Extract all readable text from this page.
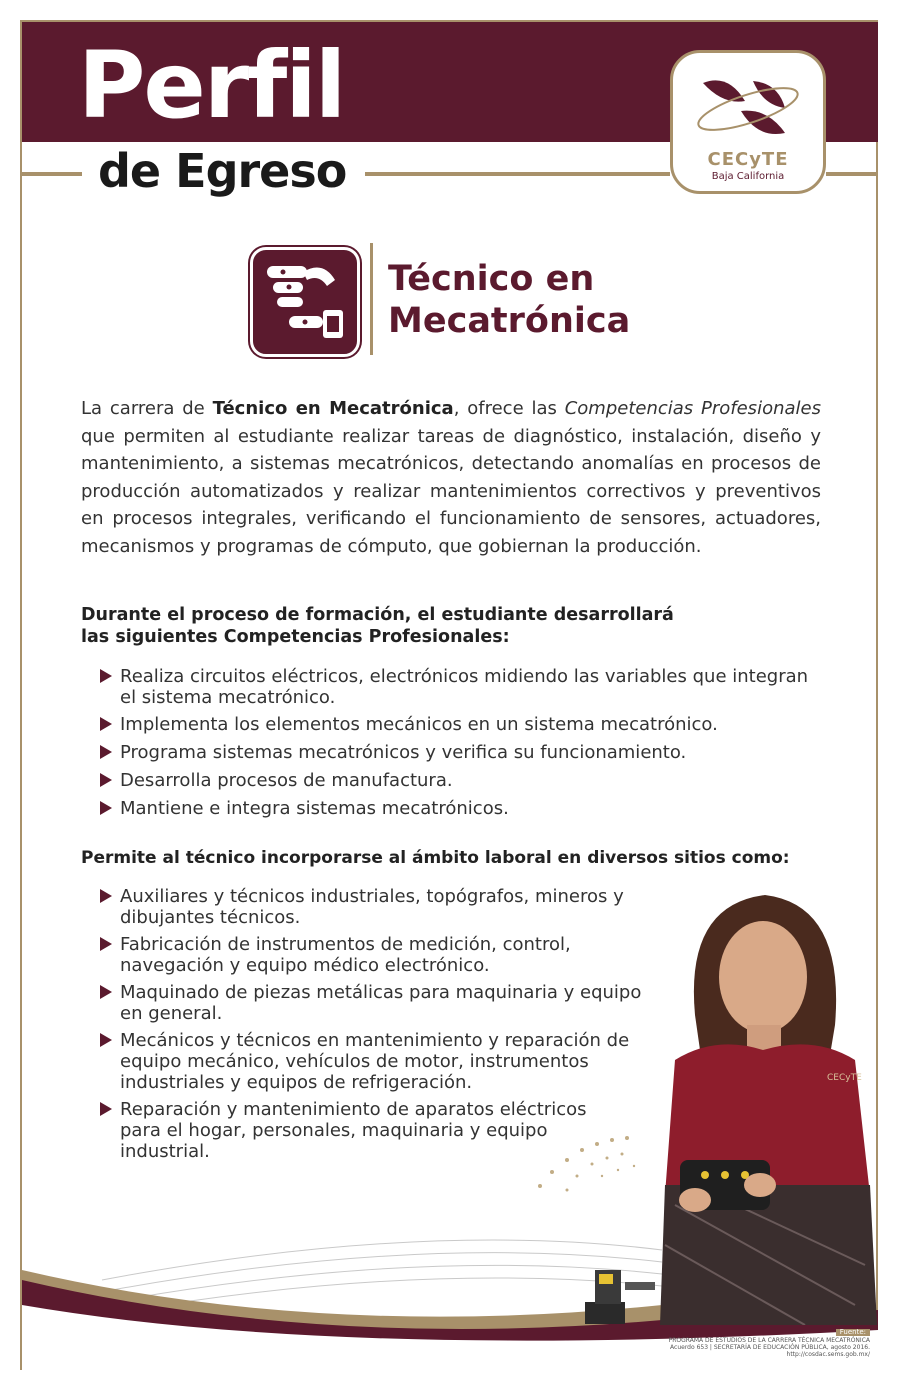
Perfil
de Egreso	CECyTE
Baja California
Técnico en
Mecatrónica
La carrera de Técnico en Mecatrónica, ofrece las Competencias Profesionales que permiten al estudiante realizar tareas de diagnóstico, instalación, diseño y mantenimiento, a sistemas mecatrónicos, detectando anomalías en procesos de producción automatizados y realizar mantenimientos correctivos y preventivos en procesos integrales, verificando el funcionamiento de sensores, actuadores, mecanismos y programas de cómputo, que gobiernan la producción.
Durante el proceso de formación, el estudiante desarrollará
las siguientes Competencias Profesionales:
Realiza circuitos eléctricos, electrónicos midiendo las variables que integran el sistema mecatrónico.
Implementa los elementos mecánicos en un sistema mecatrónico.
Programa sistemas mecatrónicos y verifica su funcionamiento.
Desarrolla procesos de manufactura.
Mantiene e integra sistemas mecatrónicos.
Permite al técnico incorporarse al ámbito laboral en diversos sitios como:
CECyTE
Auxiliares y técnicos industriales, topógrafos, mineros y dibujantes técnicos.
Fabricación de instrumentos de medición, control, navegación y equipo médico electrónico.
Maquinado de piezas metálicas para maquinaria y equipo en general.
Mecánicos y técnicos en mantenimiento y reparación de equipo mecánico, vehículos de motor, instrumentos industriales y equipos de refrigeración.
Reparación y mantenimiento de aparatos eléctricos para el hogar, personales, maquinaria y equipo industrial.
Fuente:
PROGRAMA DE ESTUDIOS DE LA CARRERA TÉCNICA MECATRÓNICA
Acuerdo 653 | SECRETARÍA DE EDUCACIÓN PÚBLICA, agosto 2016.
http://cosdac.sems.gob.mx/
